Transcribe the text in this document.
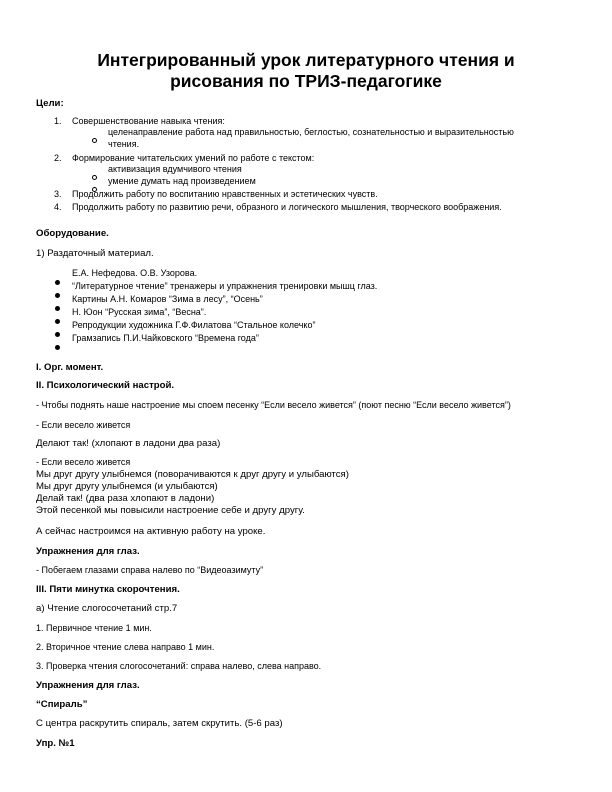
Интегрированный урок литературного чтения и рисования по ТРИЗ-педагогике
Цели:
1. Совершенствование навыка чтения:
целенаправление работа над правильностью, беглостью, сознательностью и выразительностью
чтения.
2. Формирование читательских умений по работе с текстом:
активизация вдумчивого чтения
умение думать над произведением
3. Продолжить работу по воспитанию нравственных и эстетических чувств.
4. Продолжить работу по развитию речи, образного и логического мышления, творческого воображения.
Оборудование.
1) Раздаточный материал.
Е.А. Нефедова. О.В. Узорова.
“Литературное чтение” тренажеры и упражнения тренировки мышц глаз.
Картины А.Н. Комаров “Зима в лесу”, “Осень”
Н. Юон “Русская зима”, “Весна”.
Репродукции художника Г.Ф.Филатова “Стальное колечко”
Грамзапись П.И.Чайковского “Времена года”
I. Орг. момент.
II. Психологический настрой.
- Чтобы поднять наше настроение мы споем песенку “Если весело живется” (поют песню “Если весело живется”)
- Если весело живется
Делают так! (хлопают в ладони два раза)
- Если весело живется
Мы друг другу улыбнемся (поворачиваются к друг другу и улыбаются)
Мы друг другу улыбнемся (и улыбаются)
Делай так! (два раза хлопают в ладони)
Этой песенкой мы повысили настроение себе и другу другу.
А сейчас настроимся на активную работу на уроке.
Упражнения для глаз.
- Побегаем глазами справа налево по “Видеоазимуту”
III. Пяти минутка скорочтения.
а) Чтение слогосочетаний стр.7
1. Первичное чтение 1 мин.
2. Вторичное чтение слева направо 1 мин.
3. Проверка чтения слогосочетаний: справа налево, слева направо.
Упражнения для глаз.
“Спираль”
С центра раскрутить спираль, затем скрутить. (5-6 раз)
Упр. №1
